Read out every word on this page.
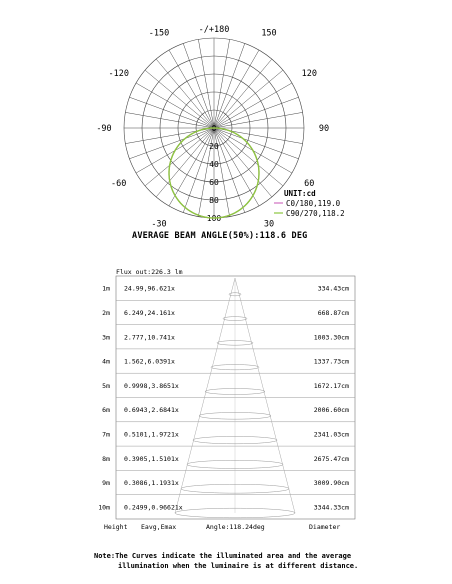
-/+180
-150	150
-120	120
-90	90
-60	60
-30	30
0
20
40
60
80
100
UNIT:cd
C0/180,119.0
C90/270,118.2
AVERAGE BEAM ANGLE(50%):118.6 DEG
Flux out:226.3 lm
1m 24.99,96.621x	334.43cm
2m 6.249,24.161x	668.87cm
3m 2.777,10.741x	1003.30cm
4m 1.562,6.0391x	1337.73cm
5m 0.9998,3.8651x	1672.17cm
6m 0.6943,2.6841x	2006.60cm
7m 0.5101,1.9721x	2341.03cm
8m 0.3905,1.5101x	2675.47cm
9m 0.3086,1.1931x	3009.90cm
10m 0.2499,0.96621x	3344.33cm
Height Eavg,Emax	Angle:118.24deg	Diameter
Note:The Curves indicate the illuminated area and the average
illumination when the luminaire is at different distance.
